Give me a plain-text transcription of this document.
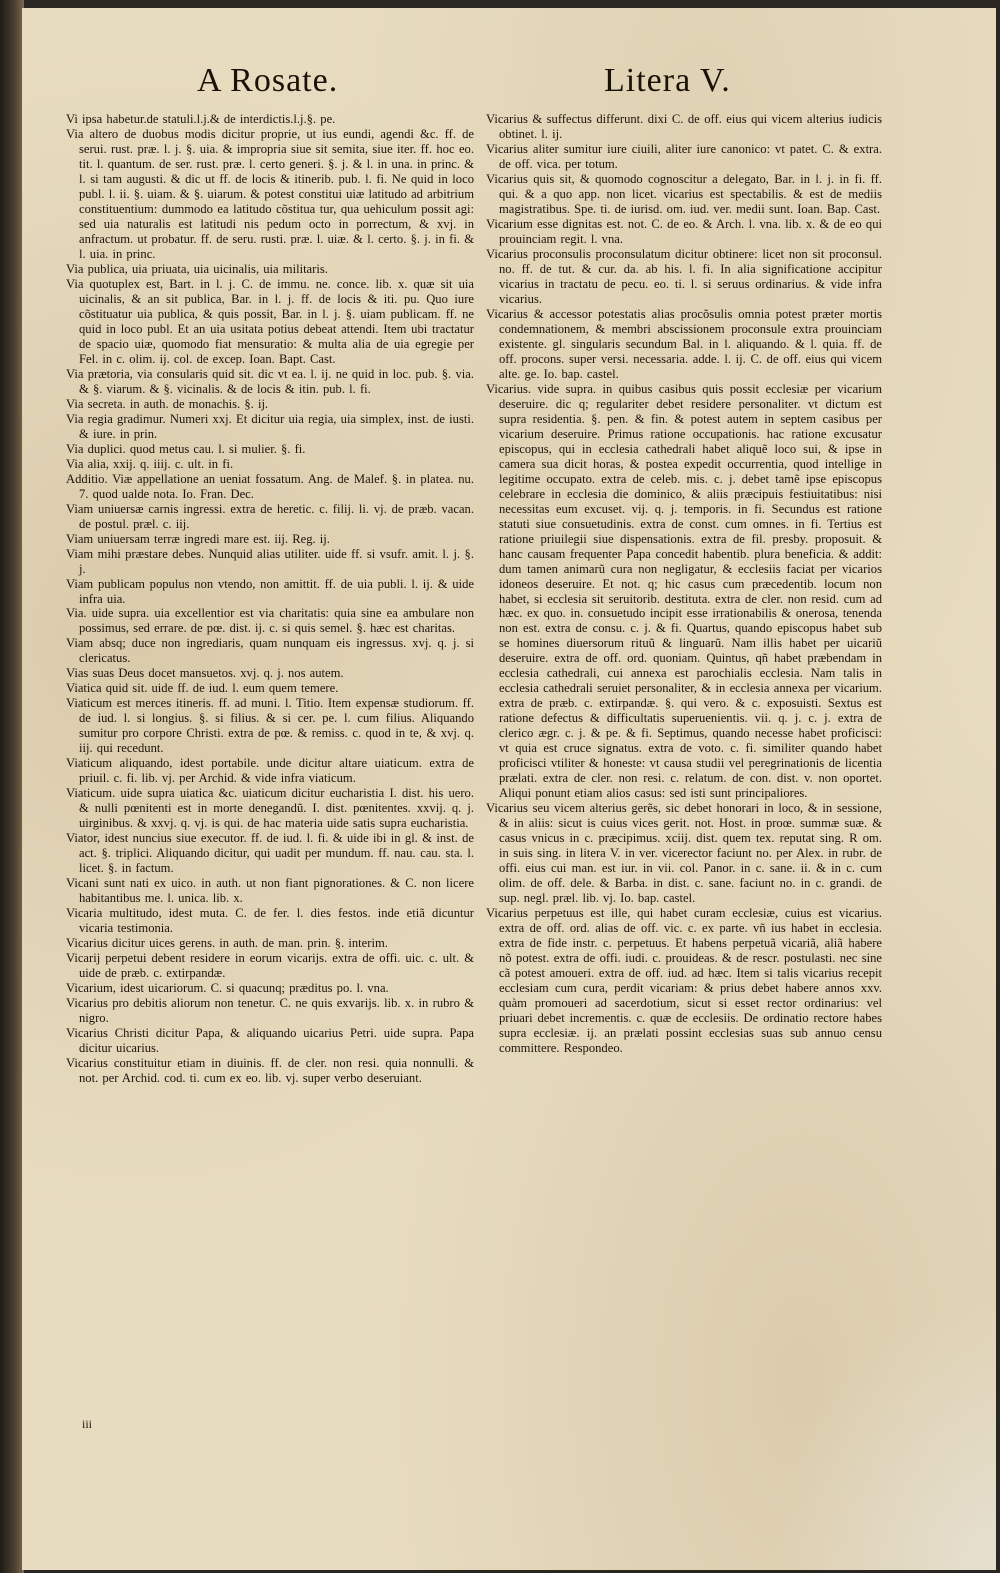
A Rosate.	Litera V.

Vi ipsa habetur.de statuli.l.j.& de interdictis.l.j.§. pe.

Via altero de duobus modis dicitur proprie, ut ius eundi, agendi &c. ff. de serui. rust. præ. l. j. §. uia. & impropria siue sit semita, siue iter. ff. hoc eo. tit. l. quantum. de ser. rust. præ. l. certo generi. §. j. & l. in una. in princ. & l. si tam augusti. & dic ut ff. de locis & itinerib. pub. l. fi. Ne quid in loco publ. l. ii. §. uiam. & §. uiarum. & potest constitui uiæ latitudo ad arbitrium constituentium: dummodo ea latitudo cõstitua tur, qua uehiculum possit agi: sed uia naturalis est latitudi nis pedum octo in porrectum, & xvj. in anfractum. ut probatur. ff. de seru. rusti. præ. l. uiæ. & l. certo. §. j. in fi. & l. uia. in princ.

Via publica, uia priuata, uia uicinalis, uia militaris.

Via quotuplex est, Bart. in l. j. C. de immu. ne. conce. lib. x. quæ sit uia uicinalis, & an sit publica, Bar. in l. j. ff. de locis & iti. pu. Quo iure cõstituatur uia publica, & quis possit, Bar. in l. j. §. uiam publicam. ff. ne quid in loco publ. Et an uia usitata potius debeat attendi. Item ubi tractatur de spacio uiæ, quomodo fiat mensuratio: & multa alia de uia egregie per Fel. in c. olim. ij. col. de excep. Ioan. Bapt. Cast.

Via prætoria, via consularis quid sit. dic vt ea. l. ij. ne quid in loc. pub. §. via. & §. viarum. & §. vicinalis. & de locis & itin. pub. l. fi.

Via secreta. in auth. de monachis. §. ij.

Via regia gradimur. Numeri xxj. Et dicitur uia regia, uia simplex, inst. de iusti. & iure. in prin.

Via duplici. quod metus cau. l. si mulier. §. fi.

Via alia, xxij. q. iiij. c. ult. in fi.

Additio. Viæ appellatione an ueniat fossatum. Ang. de Malef. §. in platea. nu. 7. quod ualde nota. Io. Fran. Dec.

Viam uniuersæ carnis ingressi. extra de heretic. c. filij. li. vj. de præb. vacan. de postul. præl. c. iij.

Viam uniuersam terræ ingredi mare est. iij. Reg. ij.

Viam mihi præstare debes. Nunquid alias utiliter. uide ff. si vsufr. amit. l. j. §. j.

Viam publicam populus non vtendo, non amittit. ff. de uia publi. l. ij. & uide infra uia.

Via. uide supra. uia excellentior est via charitatis: quia sine ea ambulare non possimus, sed errare. de pœ. dist. ij. c. si quis semel. §. hæc est charitas.

Viam absq; duce non ingrediaris, quam nunquam eis ingressus. xvj. q. j. si clericatus.

Vias suas Deus docet mansuetos. xvj. q. j. nos autem.

Viatica quid sit. uide ff. de iud. l. eum quem temere.

Viaticum est merces itineris. ff. ad muni. l. Titio. Item expensæ studiorum. ff. de iud. l. si longius. §. si filius. & si cer. pe. l. cum filius. Aliquando sumitur pro corpore Christi. extra de pœ. & remiss. c. quod in te, & xvj. q. iij. qui recedunt.

Viaticum aliquando, idest portabile. unde dicitur altare uiaticum. extra de priuil. c. fi. lib. vj. per Archid. & vide infra viaticum.

Viaticum. uide supra uiatica &c. uiaticum dicitur eucharistia I. dist. his uero. & nulli pœnitenti est in morte denegandũ. I. dist. pœnitentes. xxvij. q. j. uirginibus. & xxvj. q. vj. is qui. de hac materia uide satis supra eucharistia.

Viator, idest nuncius siue executor. ff. de iud. l. fi. & uide ibi in gl. & inst. de act. §. triplici. Aliquando dicitur, qui uadit per mundum. ff. nau. cau. sta. l. licet. §. in factum.

Vicani sunt nati ex uico. in auth. ut non fiant pignorationes. & C. non licere habitantibus me. l. unica. lib. x.

Vicaria multitudo, idest muta. C. de fer. l. dies festos. inde etiã dicuntur vicaria testimonia.

Vicarius dicitur uices gerens. in auth. de man. prin. §. interim.

Vicarij perpetui debent residere in eorum vicarijs. extra de offi. uic. c. ult. & uide de præb. c. extirpandæ.

Vicarium, idest uicariorum. C. si quacunq; præditus po. l. vna.

Vicarius pro debitis aliorum non tenetur. C. ne quis exvarijs. lib. x. in rubro & nigro.

Vicarius Christi dicitur Papa, & aliquando uicarius Petri. uide supra. Papa dicitur uicarius.

Vicarius constituitur etiam in diuinis. ff. de cler. non resi. quia nonnulli. & not. per Archid. cod. ti. cum ex eo. lib. vj. super verbo deseruiant.

Vicarius & suffectus differunt. dixi C. de off. eius qui vicem alterius iudicis obtinet. l. ij.

Vicarius aliter sumitur iure ciuili, aliter iure canonico: vt patet. C. & extra. de off. vica. per totum.

Vicarius quis sit, & quomodo cognoscitur a delegato, Bar. in l. j. in fi. ff. qui. & a quo app. non licet. vicarius est spectabilis. & est de mediis magistratibus. Spe. ti. de iurisd. om. iud. ver. medii sunt. Ioan. Bap. Cast.

Vicarium esse dignitas est. not. C. de eo. & Arch. l. vna. lib. x. & de eo qui prouinciam regit. l. vna.

Vicarius proconsulis proconsulatum dicitur obtinere: licet non sit proconsul. no. ff. de tut. & cur. da. ab his. l. fi. In alia significatione accipitur vicarius in tractatu de pecu. eo. ti. l. si seruus ordinarius. & vide infra vicarius.

Vicarius & accessor potestatis alias procõsulis omnia potest præter mortis condemnationem, & membri abscissionem proconsule extra prouinciam existente. gl. singularis secundum Bal. in l. aliquando. & l. quia. ff. de off. procons. super versi. necessaria. adde. l. ij. C. de off. eius qui vicem alte. ge. Io. bap. castel.

Vicarius. vide supra. in quibus casibus quis possit ecclesiæ per vicarium deseruire. dic q; regulariter debet residere personaliter. vt dictum est supra residentia. §. pen. & fin. & potest autem in septem casibus per vicarium deseruire. Primus ratione occupationis. hac ratione excusatur episcopus, qui in ecclesia cathedrali habet aliquẽ loco sui, & ipse in camera sua dicit horas, & postea expedit occurrentia, quod intellige in legitime occupato. extra de celeb. mis. c. j. debet tamẽ ipse episcopus celebrare in ecclesia die dominico, & aliis præcipuis festiuitatibus: nisi necessitas eum excuset. vij. q. j. temporis. in fi. Secundus est ratione statuti siue consuetudinis. extra de const. cum omnes. in fi. Tertius est ratione priuilegii siue dispensationis. extra de fil. presby. proposuit. & hanc causam frequenter Papa concedit habentib. plura beneficia. & addit: dum tamen animarũ cura non negligatur, & ecclesiis faciat per vicarios idoneos deseruire. Et not. q; hic casus cum præcedentib. locum non habet, si ecclesia sit seruitorib. destituta. extra de cler. non resid. cum ad hæc. ex quo. in. consuetudo incipit esse irrationabilis & onerosa, tenenda non est. extra de consu. c. j. & fi. Quartus, quando episcopus habet sub se homines diuersorum rituũ & linguarũ. Nam illis habet per uicariũ deseruire. extra de off. ord. quoniam. Quintus, qñ habet præbendam in ecclesia cathedrali, cui annexa est parochialis ecclesia. Nam talis in ecclesia cathedrali seruiet personaliter, & in ecclesia annexa per vicarium. extra de præb. c. extirpandæ. §. qui vero. & c. exposuisti. Sextus est ratione defectus & difficultatis superuenientis. vii. q. j. c. j. extra de clerico ægr. c. j. & pe. & fi. Septimus, quando necesse habet proficisci: vt quia est cruce signatus. extra de voto. c. fi. similiter quando habet proficisci vtiliter & honeste: vt causa studii vel peregrinationis de licentia prælati. extra de cler. non resi. c. relatum. de con. dist. v. non oportet. Aliqui ponunt etiam alios casus: sed isti sunt principaliores.

Vicarius seu vicem alterius gerẽs, sic debet honorari in loco, & in sessione, & in aliis: sicut is cuius vices gerit. not. Host. in proœ. summæ suæ. & casus vnicus in c. præcipimus. xciij. dist. quem tex. reputat sing. R om. in suis sing. in litera V. in ver. vicerector faciunt no. per Alex. in rubr. de offi. eius cui man. est iur. in vii. col. Panor. in c. sane. ii. & in c. cum olim. de off. dele. & Barba. in dist. c. sane. faciunt no. in c. grandi. de sup. negl. præl. lib. vj. Io. bap. castel.

Vicarius perpetuus est ille, qui habet curam ecclesiæ, cuius est vicarius. extra de off. ord. alias de off. vic. c. ex parte. vñ ius habet in ecclesia. extra de fide instr. c. perpetuus. Et habens perpetuã vicariã, aliã habere nõ potest. extra de offi. iudi. c. prouideas. & de rescr. postulasti. nec sine cã potest amoueri. extra de off. iud. ad hæc. Item si talis vicarius recepit ecclesiam cum cura, perdit vicariam: & prius debet habere annos xxv. quàm promoueri ad sacerdotium, sicut si esset rector ordinarius: vel priuari debet incrementis. c. quæ de ecclesiis. De ordinatio rectore habes supra ecclesiæ. ij. an prælati possint ecclesias suas sub annuo censu committere. Respondeo.

iii
